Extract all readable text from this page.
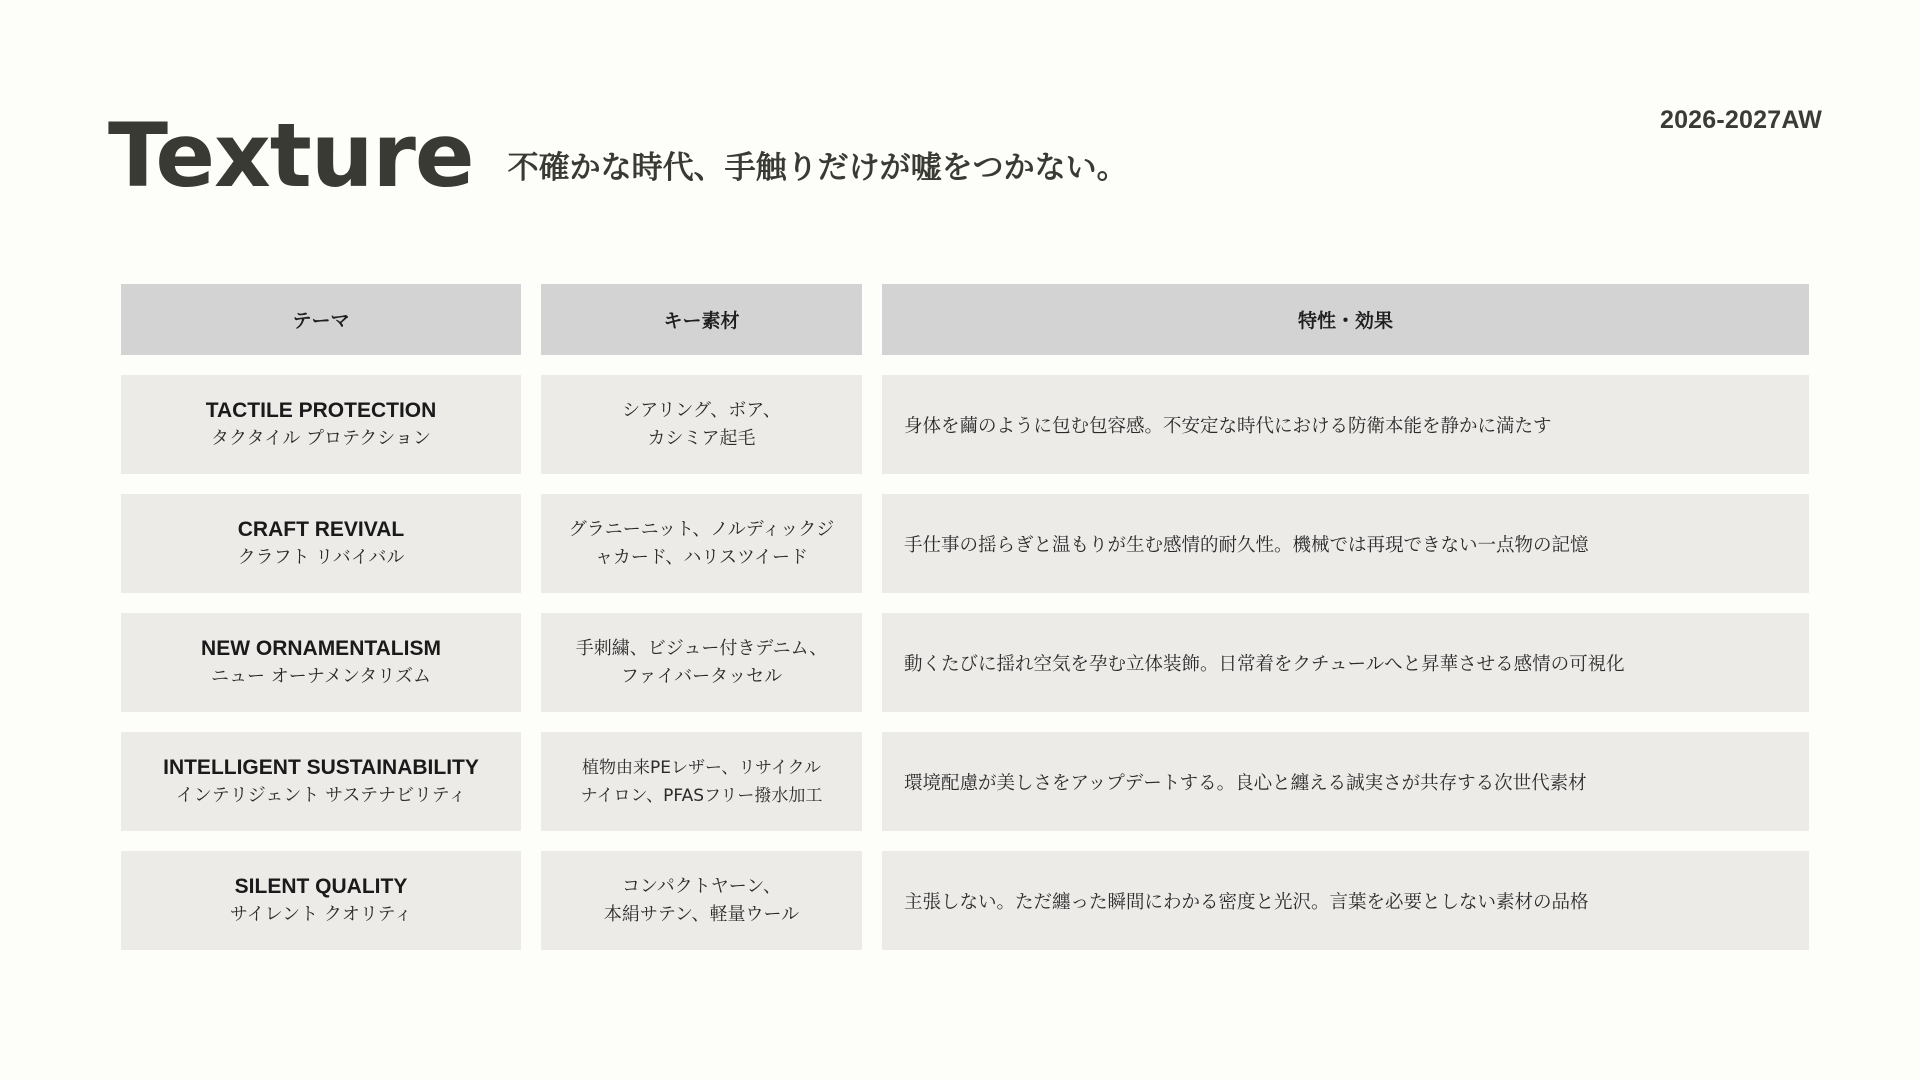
2026-2027AW
Texture 不確かな時代、手触りだけが嘘をつかない。
テーマ	キー素材	特性・効果
TACTILE PROTECTION
タクタイル プロテクション
シアリング、ボア、
カシミア起毛
身体を繭のように包む包容感。不安定な時代における防衛本能を静かに満たす
CRAFT REVIVAL
クラフト リバイバル
グラニーニット、ノルディックジ
ャカード、ハリスツイード
手仕事の揺らぎと温もりが生む感情的耐久性。機械では再現できない一点物の記憶
NEW ORNAMENTALISM
ニュー オーナメンタリズム
手刺繍、ビジュー付きデニム、
ファイバータッセル
動くたびに揺れ空気を孕む立体装飾。日常着をクチュールへと昇華させる感情の可視化
INTELLIGENT SUSTAINABILITY
インテリジェント サステナビリティ
植物由来PEレザー、リサイクル
ナイロン、PFASフリー撥水加工
環境配慮が美しさをアップデートする。良心と纏える誠実さが共存する次世代素材
SILENT QUALITY
サイレント クオリティ
コンパクトヤーン、
本絹サテン、軽量ウール
主張しない。ただ纏った瞬間にわかる密度と光沢。言葉を必要としない素材の品格
